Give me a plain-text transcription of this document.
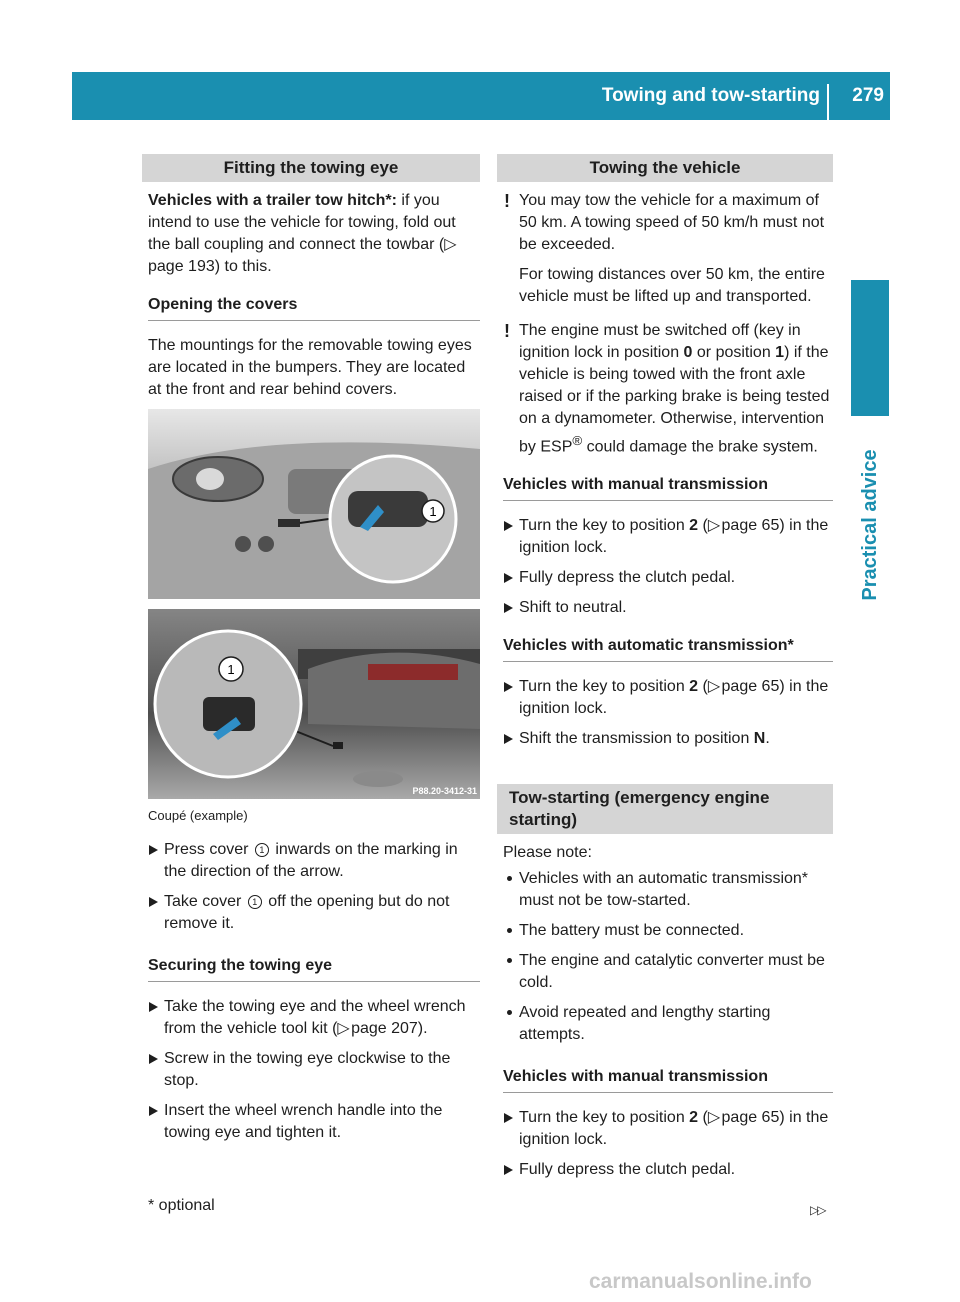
Towing and tow-starting 279
Practical advice
Fitting the towing eye

Vehicles with a trailer tow hitch*: if you intend to use the vehicle for towing, fold out the ball coupling and connect the towbar (▷ page 193) to this.

Opening the covers

The mountings for the removable towing eyes are located in the bumpers. They are located at the front and rear behind covers.

1
1
P88.20-3412-31
Coupé (example)
Press cover 1 inwards on the marking in the direction of the arrow.
Take cover 1 off the opening but do not remove it.
Securing the towing eye
Take the towing eye and the wheel wrench from the vehicle tool kit (▷ page 207).
Screw in the towing eye clockwise to the stop.
Insert the wheel wrench handle into the towing eye and tighten it.
Towing the vehicle
! You may tow the vehicle for a maximum of 50 km. A towing speed of 50 km/h must not be exceeded.
For towing distances over 50 km, the entire vehicle must be lifted up and transported.
! The engine must be switched off (key in ignition lock in position 0 or position 1) if the vehicle is being towed with the front axle raised or if the parking brake is being tested on a dynamometer. Otherwise, intervention by ESP® could damage the brake system.
Vehicles with manual transmission
Turn the key to position 2 (▷ page 65) in the ignition lock.
Fully depress the clutch pedal.
Shift to neutral.
Vehicles with automatic transmission*
Turn the key to position 2 (▷ page 65) in the ignition lock.
Shift the transmission to position N.
Tow-starting (emergency engine
starting)

Please note:

Vehicles with an automatic transmission* must not be tow-started.
The battery must be connected.
The engine and catalytic converter must be cold.
Avoid repeated and lengthy starting attempts.
Vehicles with manual transmission
Turn the key to position 2 (▷ page 65) in the ignition lock.
Fully depress the clutch pedal.
* optional	▷▷
carmanualsonline.info
